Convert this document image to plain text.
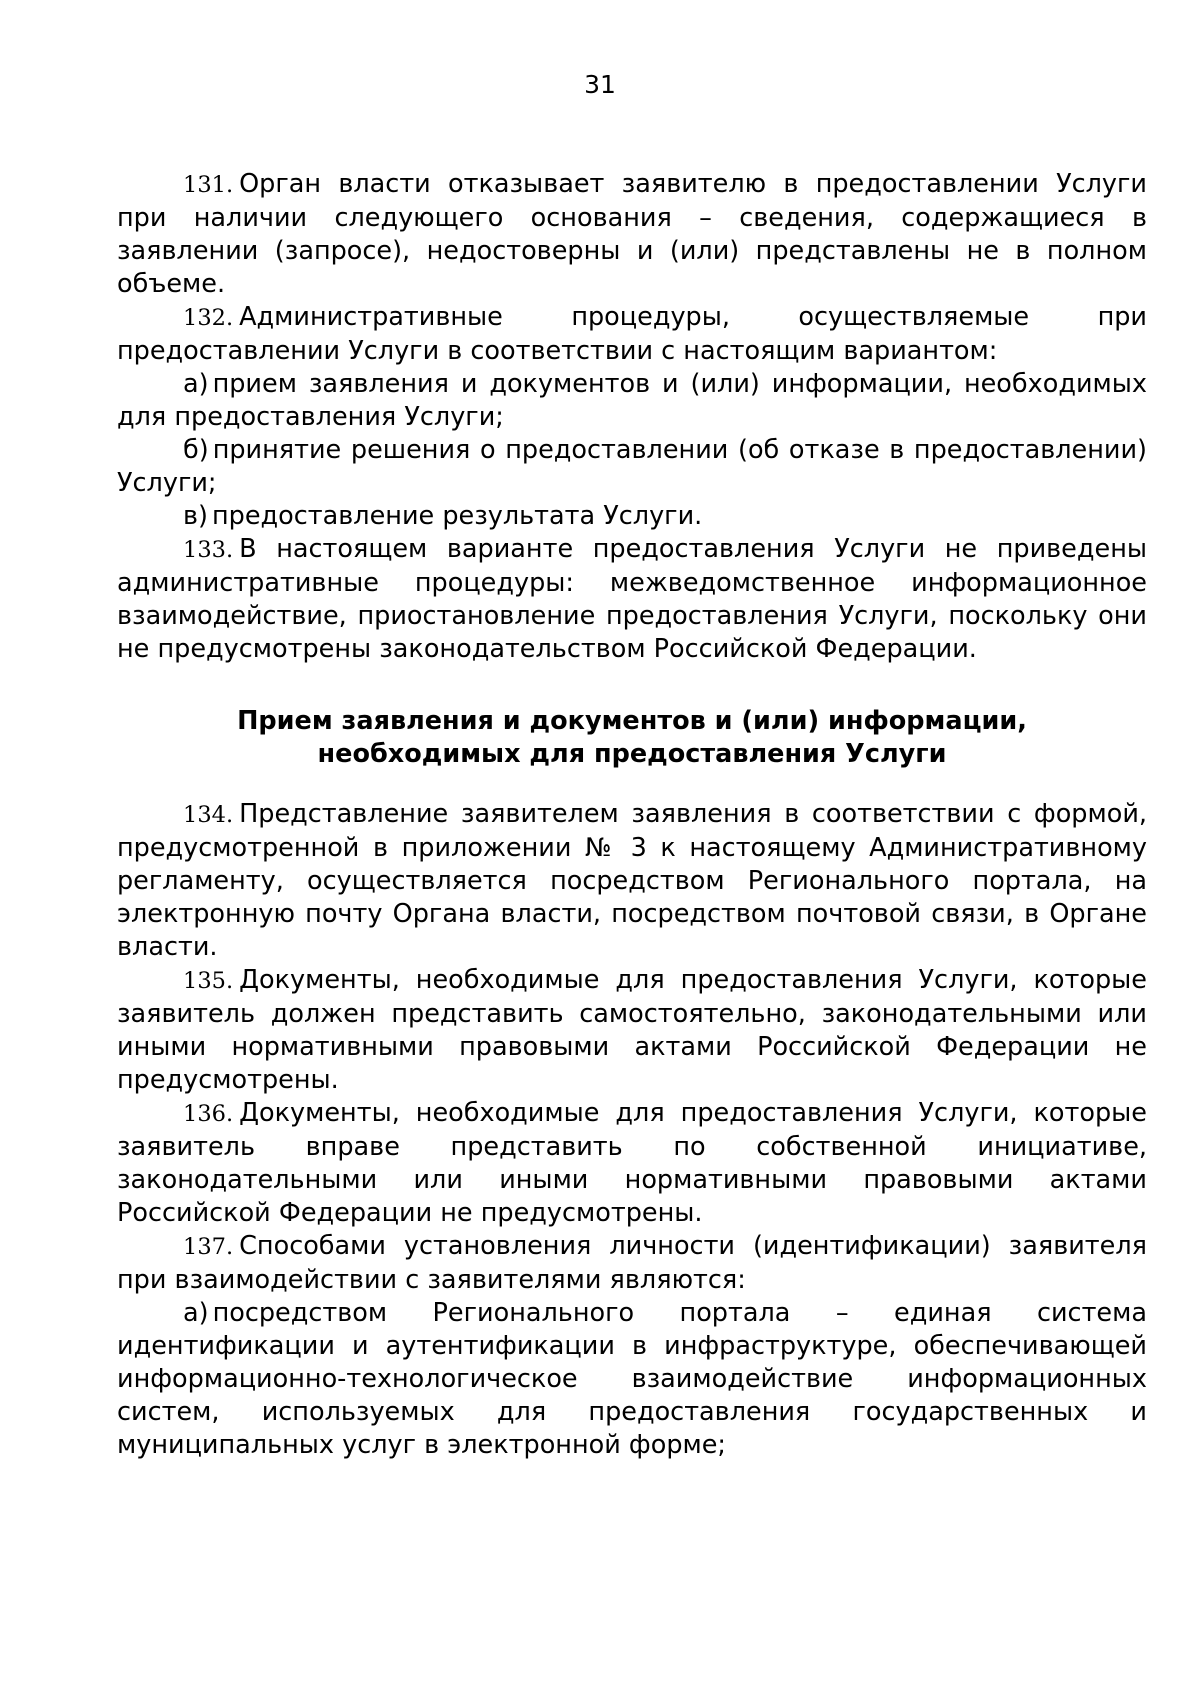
31

131. Орган власти отказывает заявителю в предоставлении Услуги при наличии следующего основания – сведения, содержащиеся в заявлении (запросе), недостоверны и (или) представлены не в полном объеме.

132. Административные процедуры, осуществляемые при предоставлении Услуги в соответствии с настоящим вариантом:

а) прием заявления и документов и (или) информации, необходимых для предоставления Услуги;

б) принятие решения о предоставлении (об отказе в предоставлении) Услуги;

в) предоставление результата Услуги.

133. В настоящем варианте предоставления Услуги не приведены административные процедуры: межведомственное информационное взаимодействие, приостановление предоставления Услуги, поскольку они не предусмотрены законодательством Российской Федерации.

Прием заявления и документов и (или) информации,
необходимых для предоставления Услуги

134. Представление заявителем заявления в соответствии с формой, предусмотренной в приложении № 3 к настоящему Административному регламенту, осуществляется посредством Регионального портала, на электронную почту Органа власти, посредством почтовой связи, в Органе власти.

135. Документы, необходимые для предоставления Услуги, которые заявитель должен представить самостоятельно, законодательными или иными нормативными правовыми актами Российской Федерации не предусмотрены.

136. Документы, необходимые для предоставления Услуги, которые заявитель вправе представить по собственной инициативе, законодательными или иными нормативными правовыми актами Российской Федерации не предусмотрены.

137. Способами установления личности (идентификации) заявителя при взаимодействии с заявителями являются:

а) посредством Регионального портала – единая система идентификации и аутентификации в инфраструктуре, обеспечивающей информационно-технологическое взаимодействие информационных систем, используемых для предоставления государственных и муниципальных услуг в электронной форме;
